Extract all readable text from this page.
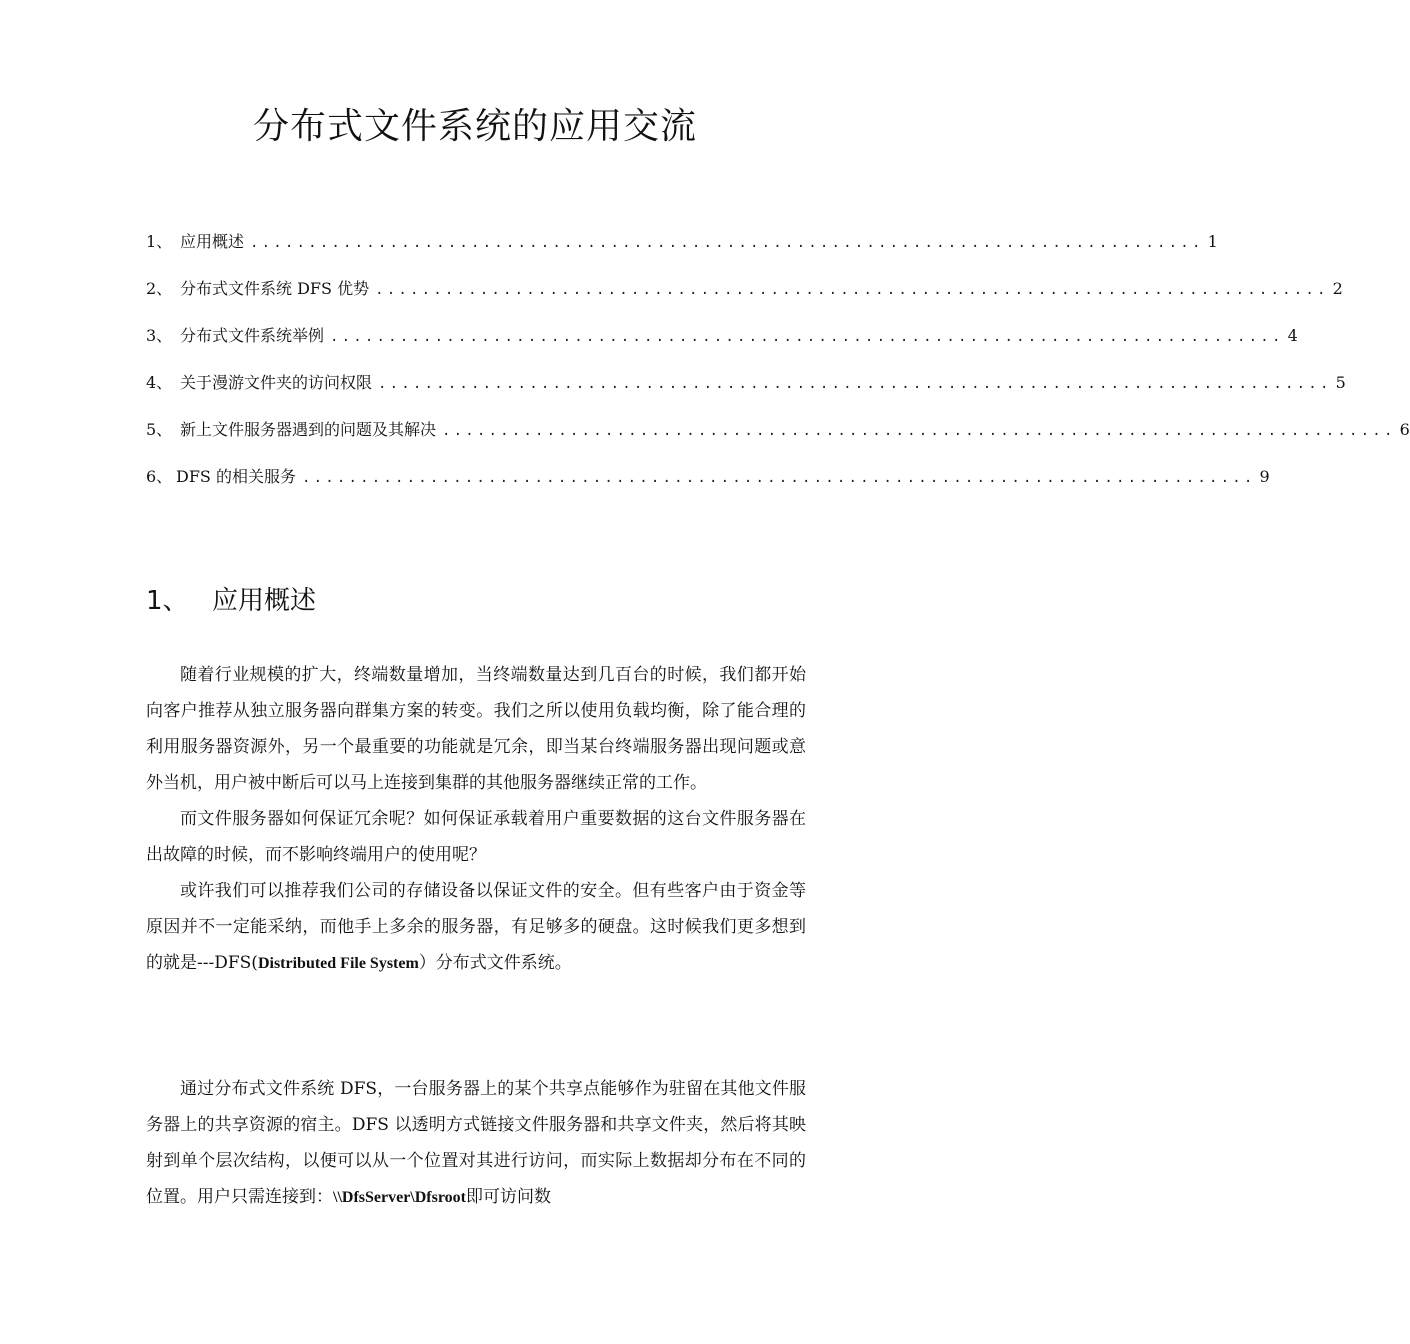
分布式文件系统的应用交流
1、 应用概述 .................................................................................. 1
2、 分布式文件系统 DFS 优势 .................................................................................. 2
3、 分布式文件系统举例 .................................................................................. 4
4、 关于漫游文件夹的访问权限 .................................................................................. 5
5、 新上文件服务器遇到的问题及其解决 .................................................................................. 6
6、 DFS 的相关服务 .................................................................................. 9
1、 应用概述

随着行业规模的扩大，终端数量增加，当终端数量达到几百台的时候，我们都开始向客户推荐从独立服务器向群集方案的转变。我们之所以使用负载均衡，除了能合理的利用服务器资源外，另一个最重要的功能就是冗余，即当某台终端服务器出现问题或意外当机，用户被中断后可以马上连接到集群的其他服务器继续正常的工作。

而文件服务器如何保证冗余呢？如何保证承载着用户重要数据的这台文件服务器在出故障的时候，而不影响终端用户的使用呢？

或许我们可以推荐我们公司的存储设备以保证文件的安全。但有些客户由于资金等原因并不一定能采纳，而他手上多余的服务器，有足够多的硬盘。这时候我们更多想到的就是---DFS(Distributed File System）分布式文件系统。

通过分布式文件系统 DFS，一台服务器上的某个共享点能够作为驻留在其他文件服务器上的共享资源的宿主。DFS 以透明方式链接文件服务器和共享文件夹，然后将其映射到单个层次结构，以便可以从一个位置对其进行访问，而实际上数据却分布在不同的位置。用户只需连接到：\\DfsServer\Dfsroot即可访问数
